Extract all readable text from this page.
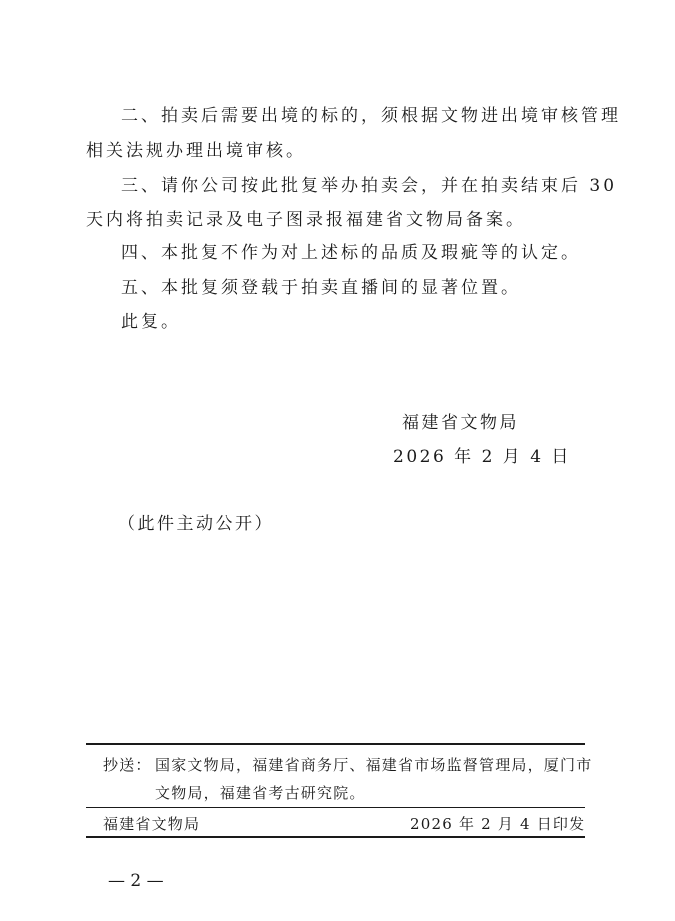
二、拍卖后需要出境的标的，须根据文物进出境审核管理
相关法规办理出境审核。
三、请你公司按此批复举办拍卖会，并在拍卖结束后 30
天内将拍卖记录及电子图录报福建省文物局备案。
四、本批复不作为对上述标的品质及瑕疵等的认定。
五、本批复须登载于拍卖直播间的显著位置。
此复。
福建省文物局
2026 年 2 月 4 日
（此件主动公开）
抄送： 国家文物局，福建省商务厅、福建省市场监督管理局，厦门市
文物局，福建省考古研究院。
福建省文物局	2026 年 2 月 4 日印发
— 2 —
